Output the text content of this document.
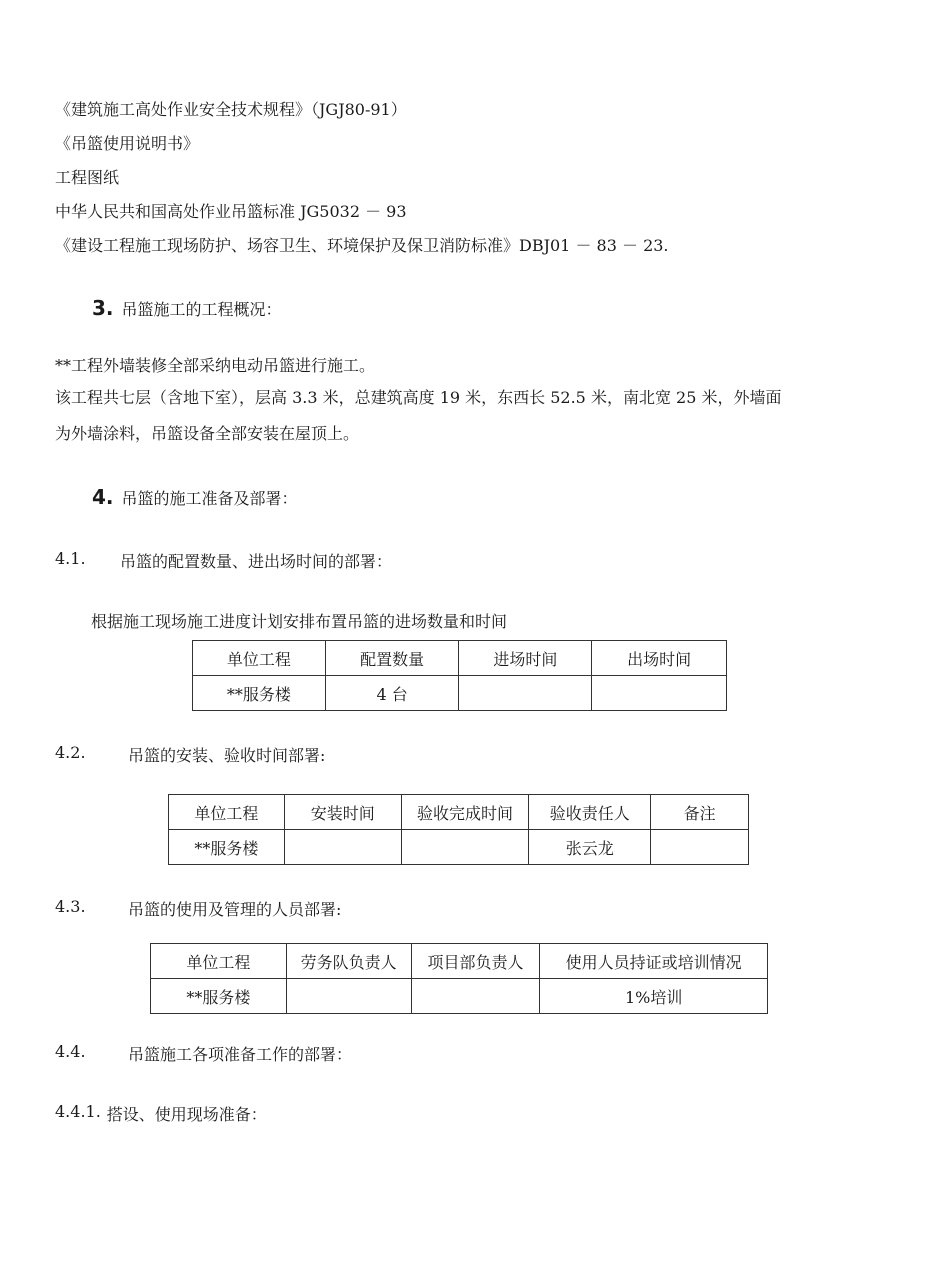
《建筑施工高处作业安全技术规程》（JGJ80-91）
《吊篮使用说明书》
工程图纸
中华人民共和国高处作业吊篮标准 JG5032 － 93
《建设工程施工现场防护、场容卫生、环境保护及保卫消防标准》DBJ01 － 83 － 23.
3. 吊篮施工的工程概况：
**工程外墙装修全部采纳电动吊篮进行施工。
该工程共七层（含地下室），层高 3.3 米，总建筑高度 19 米，东西长 52.5 米，南北宽 25 米，外墙面
为外墙涂料，吊篮设备全部安装在屋顶上。
4. 吊篮的施工准备及部署：
4.1.	吊篮的配置数量、进出场时间的部署：
根据施工现场施工进度计划安排布置吊篮的进场数量和时间
单位工程	配置数量	进场时间	出场时间
**服务楼	4 台		
4.2.	吊篮的安装、验收时间部署:
单位工程	安装时间	验收完成时间	验收责任人	备注
**服务楼			张云龙	
4.3.	吊篮的使用及管理的人员部署:
单位工程	劳务队负责人	项目部负责人	使用人员持证或培训情况
**服务楼			1%培训
4.4.	吊篮施工各项准备工作的部署：
4.4.1. 搭设、使用现场准备：
